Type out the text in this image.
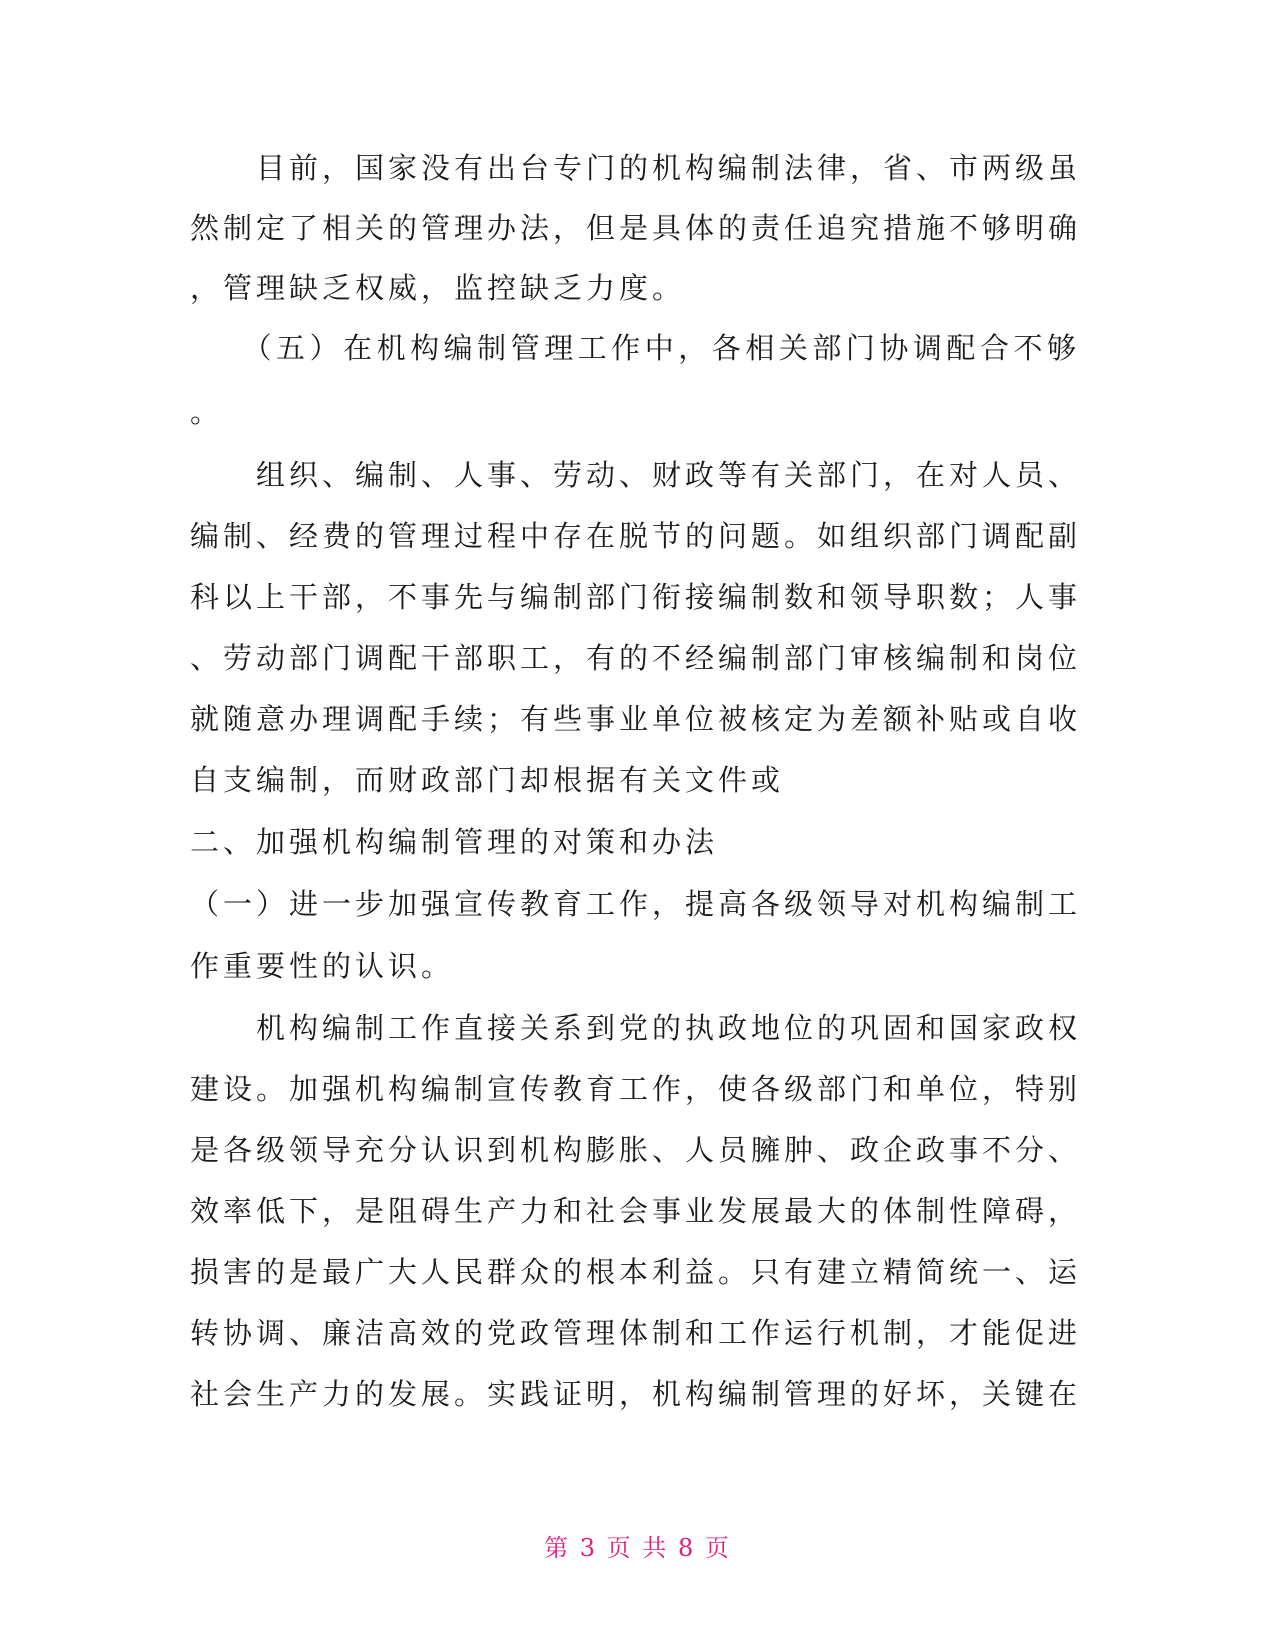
　　目前，国家没有出台专门的机构编制法律，省、市两级虽
然制定了相关的管理办法，但是具体的责任追究措施不够明确
，管理缺乏权威，监控缺乏力度。
　　（五）在机构编制管理工作中，各相关部门协调配合不够
。
　　组织、编制、人事、劳动、财政等有关部门，在对人员、
编制、经费的管理过程中存在脱节的问题。如组织部门调配副
科以上干部，不事先与编制部门衔接编制数和领导职数；人事
、劳动部门调配干部职工，有的不经编制部门审核编制和岗位
就随意办理调配手续；有些事业单位被核定为差额补贴或自收
自支编制，而财政部门却根据有关文件或
二、加强机构编制管理的对策和办法
（一）进一步加强宣传教育工作，提高各级领导对机构编制工
作重要性的认识。
　　机构编制工作直接关系到党的执政地位的巩固和国家政权
建设。加强机构编制宣传教育工作，使各级部门和单位，特别
是各级领导充分认识到机构膨胀、人员臃肿、政企政事不分、
效率低下，是阻碍生产力和社会事业发展最大的体制性障碍，
损害的是最广大人民群众的根本利益。只有建立精简统一、运
转协调、廉洁高效的党政管理体制和工作运行机制，才能促进
社会生产力的发展。实践证明，机构编制管理的好坏，关键在
第 3 页 共 8 页
